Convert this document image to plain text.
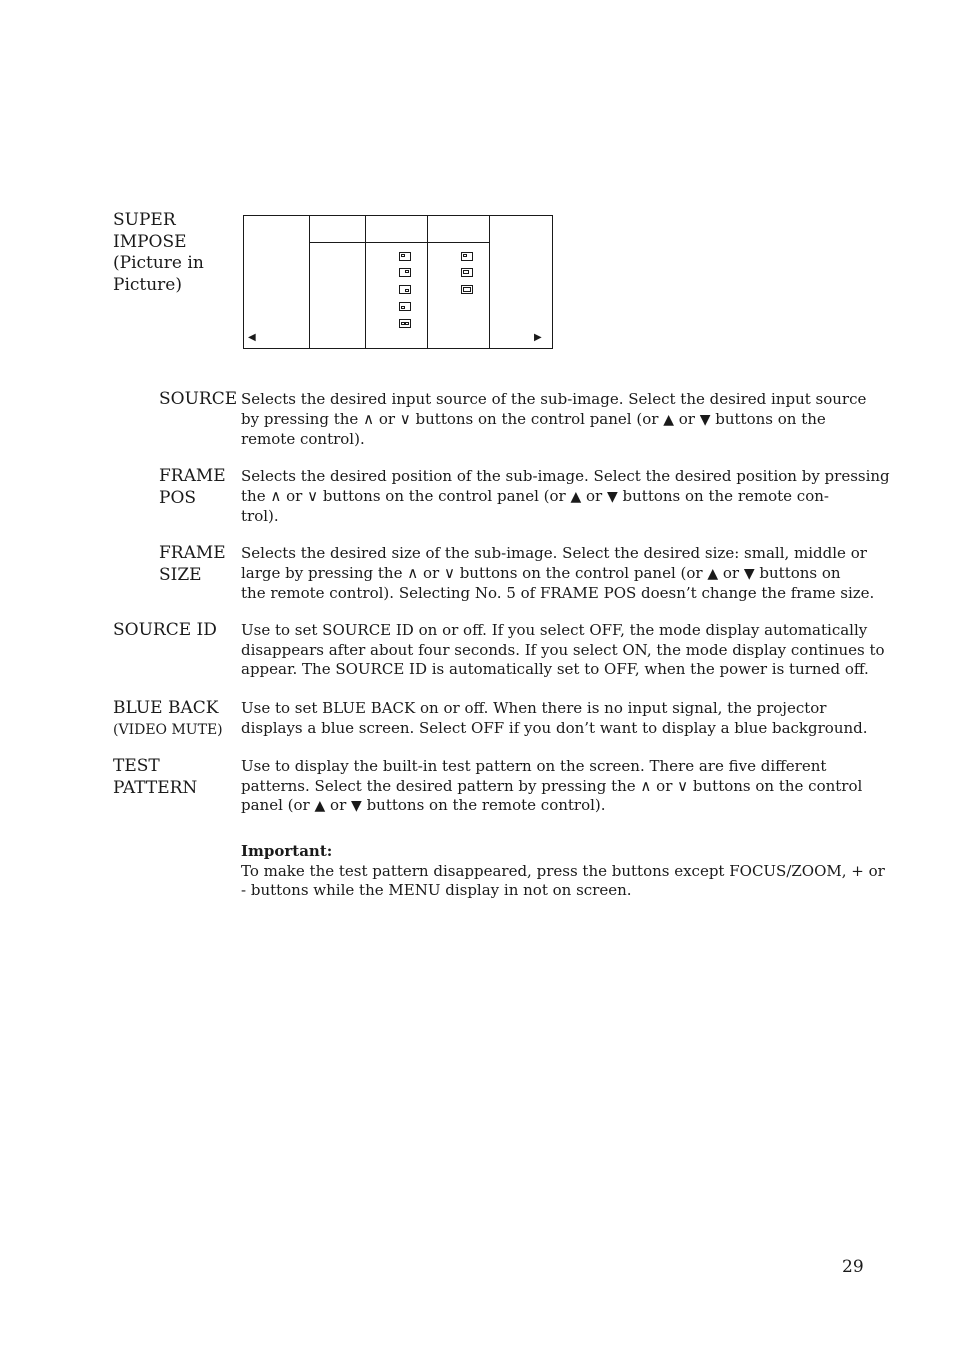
SUPER
IMPOSE
(Picture in
Picture)
◀	▶
SOURCE Selects the desired input source of the sub-image. Select the desired input source
by pressing the ∧ or ∨ buttons on the control panel (or ▲ or ▼ buttons on the
remote control).
FRAME
POS
Selects the desired position of the sub-image. Select the desired position by pressing
the ∧ or ∨ buttons on the control panel (or ▲ or ▼ buttons on the remote con-
trol).
FRAME
SIZE
Selects the desired size of the sub-image. Select the desired size: small, middle or
large by pressing the ∧ or ∨ buttons on the control panel (or ▲ or ▼ buttons on
the remote control). Selecting No. 5 of FRAME POS doesn’t change the frame size.
SOURCE ID Use to set SOURCE ID on or off. If you select OFF, the mode display automatically
disappears after about four seconds. If you select ON, the mode display continues to
appear. The SOURCE ID is automatically set to OFF, when the power is turned off.
BLUE BACK
(VIDEO MUTE)
Use to set BLUE BACK on or off. When there is no input signal, the projector
displays a blue screen. Select OFF if you don’t want to display a blue background.
TEST
PATTERN
Use to display the built-in test pattern on the screen. There are five different
patterns. Select the desired pattern by pressing the ∧ or ∨ buttons on the control
panel (or ▲ or ▼ buttons on the remote control).
Important:
To make the test pattern disappeared, press the buttons except FOCUS/ZOOM, + or
- buttons while the MENU display in not on screen.
29
